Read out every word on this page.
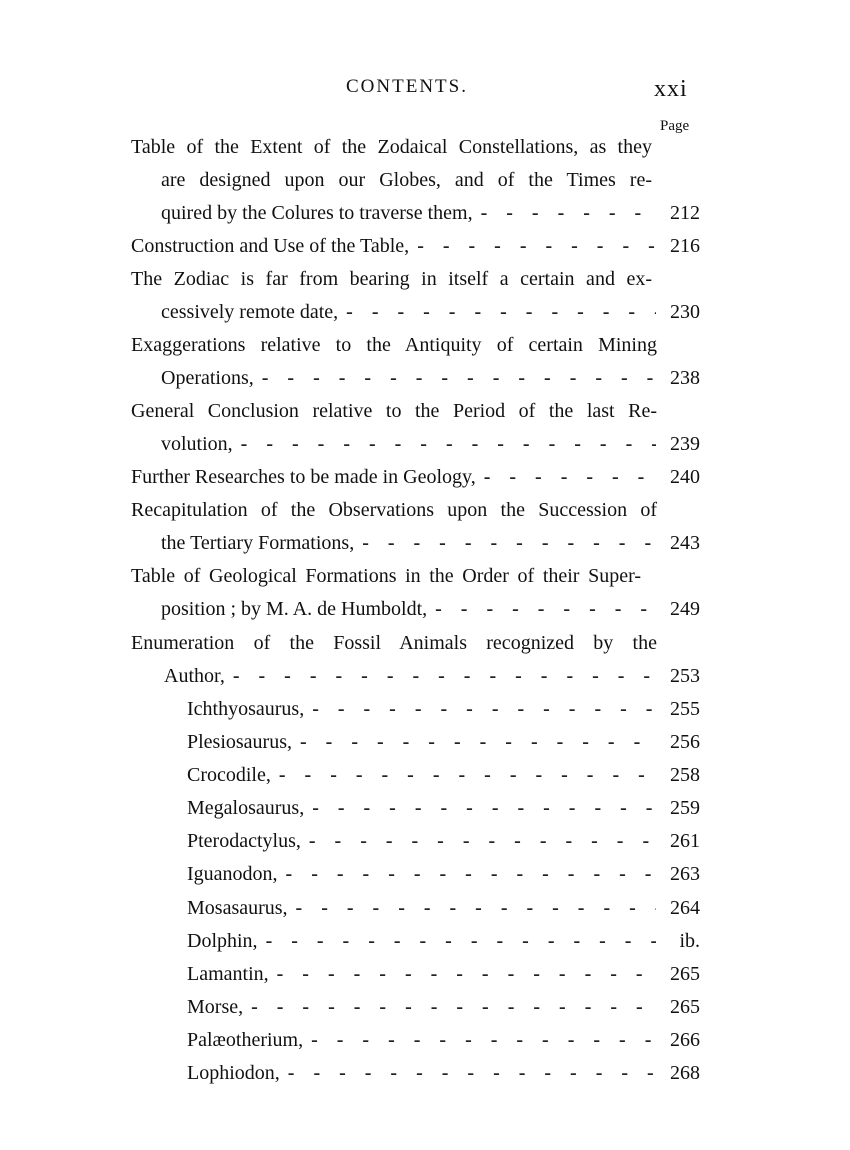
CONTENTS.	xxi
Page
Table of the Extent of the Zodaical Constellations, as they
are designed upon our Globes, and of the Times re-
quired by the Colures to traverse them, - - -	212
Construction and Use of the Table, - - -	216
The Zodiac is far from bearing in itself a certain and ex-
cessively remote date, - - -	230
Exaggerations relative to the Antiquity of certain Mining
Operations, - - -	238
General Conclusion relative to the Period of the last Re-
volution, - - -	239
Further Researches to be made in Geology, - - -	240
Recapitulation of the Observations upon the Succession of
the Tertiary Formations, - - -	243
Table of Geological Formations in the Order of their Super-
position ; by M. A. de Humboldt, - - -	249
Enumeration of the Fossil Animals recognized by the
Author, - - -	253
Ichthyosaurus, - - -	255
Plesiosaurus, - - -	256
Crocodile, - - -	258
Megalosaurus, - - -	259
Pterodactylus, - - -	261
Iguanodon, - - -	263
Mosasaurus, - - -	264
Dolphin, - - -	ib.
Lamantin, - - -	265
Morse, - - -	265
Palæotherium, - - -	266
Lophiodon, - - -	268
